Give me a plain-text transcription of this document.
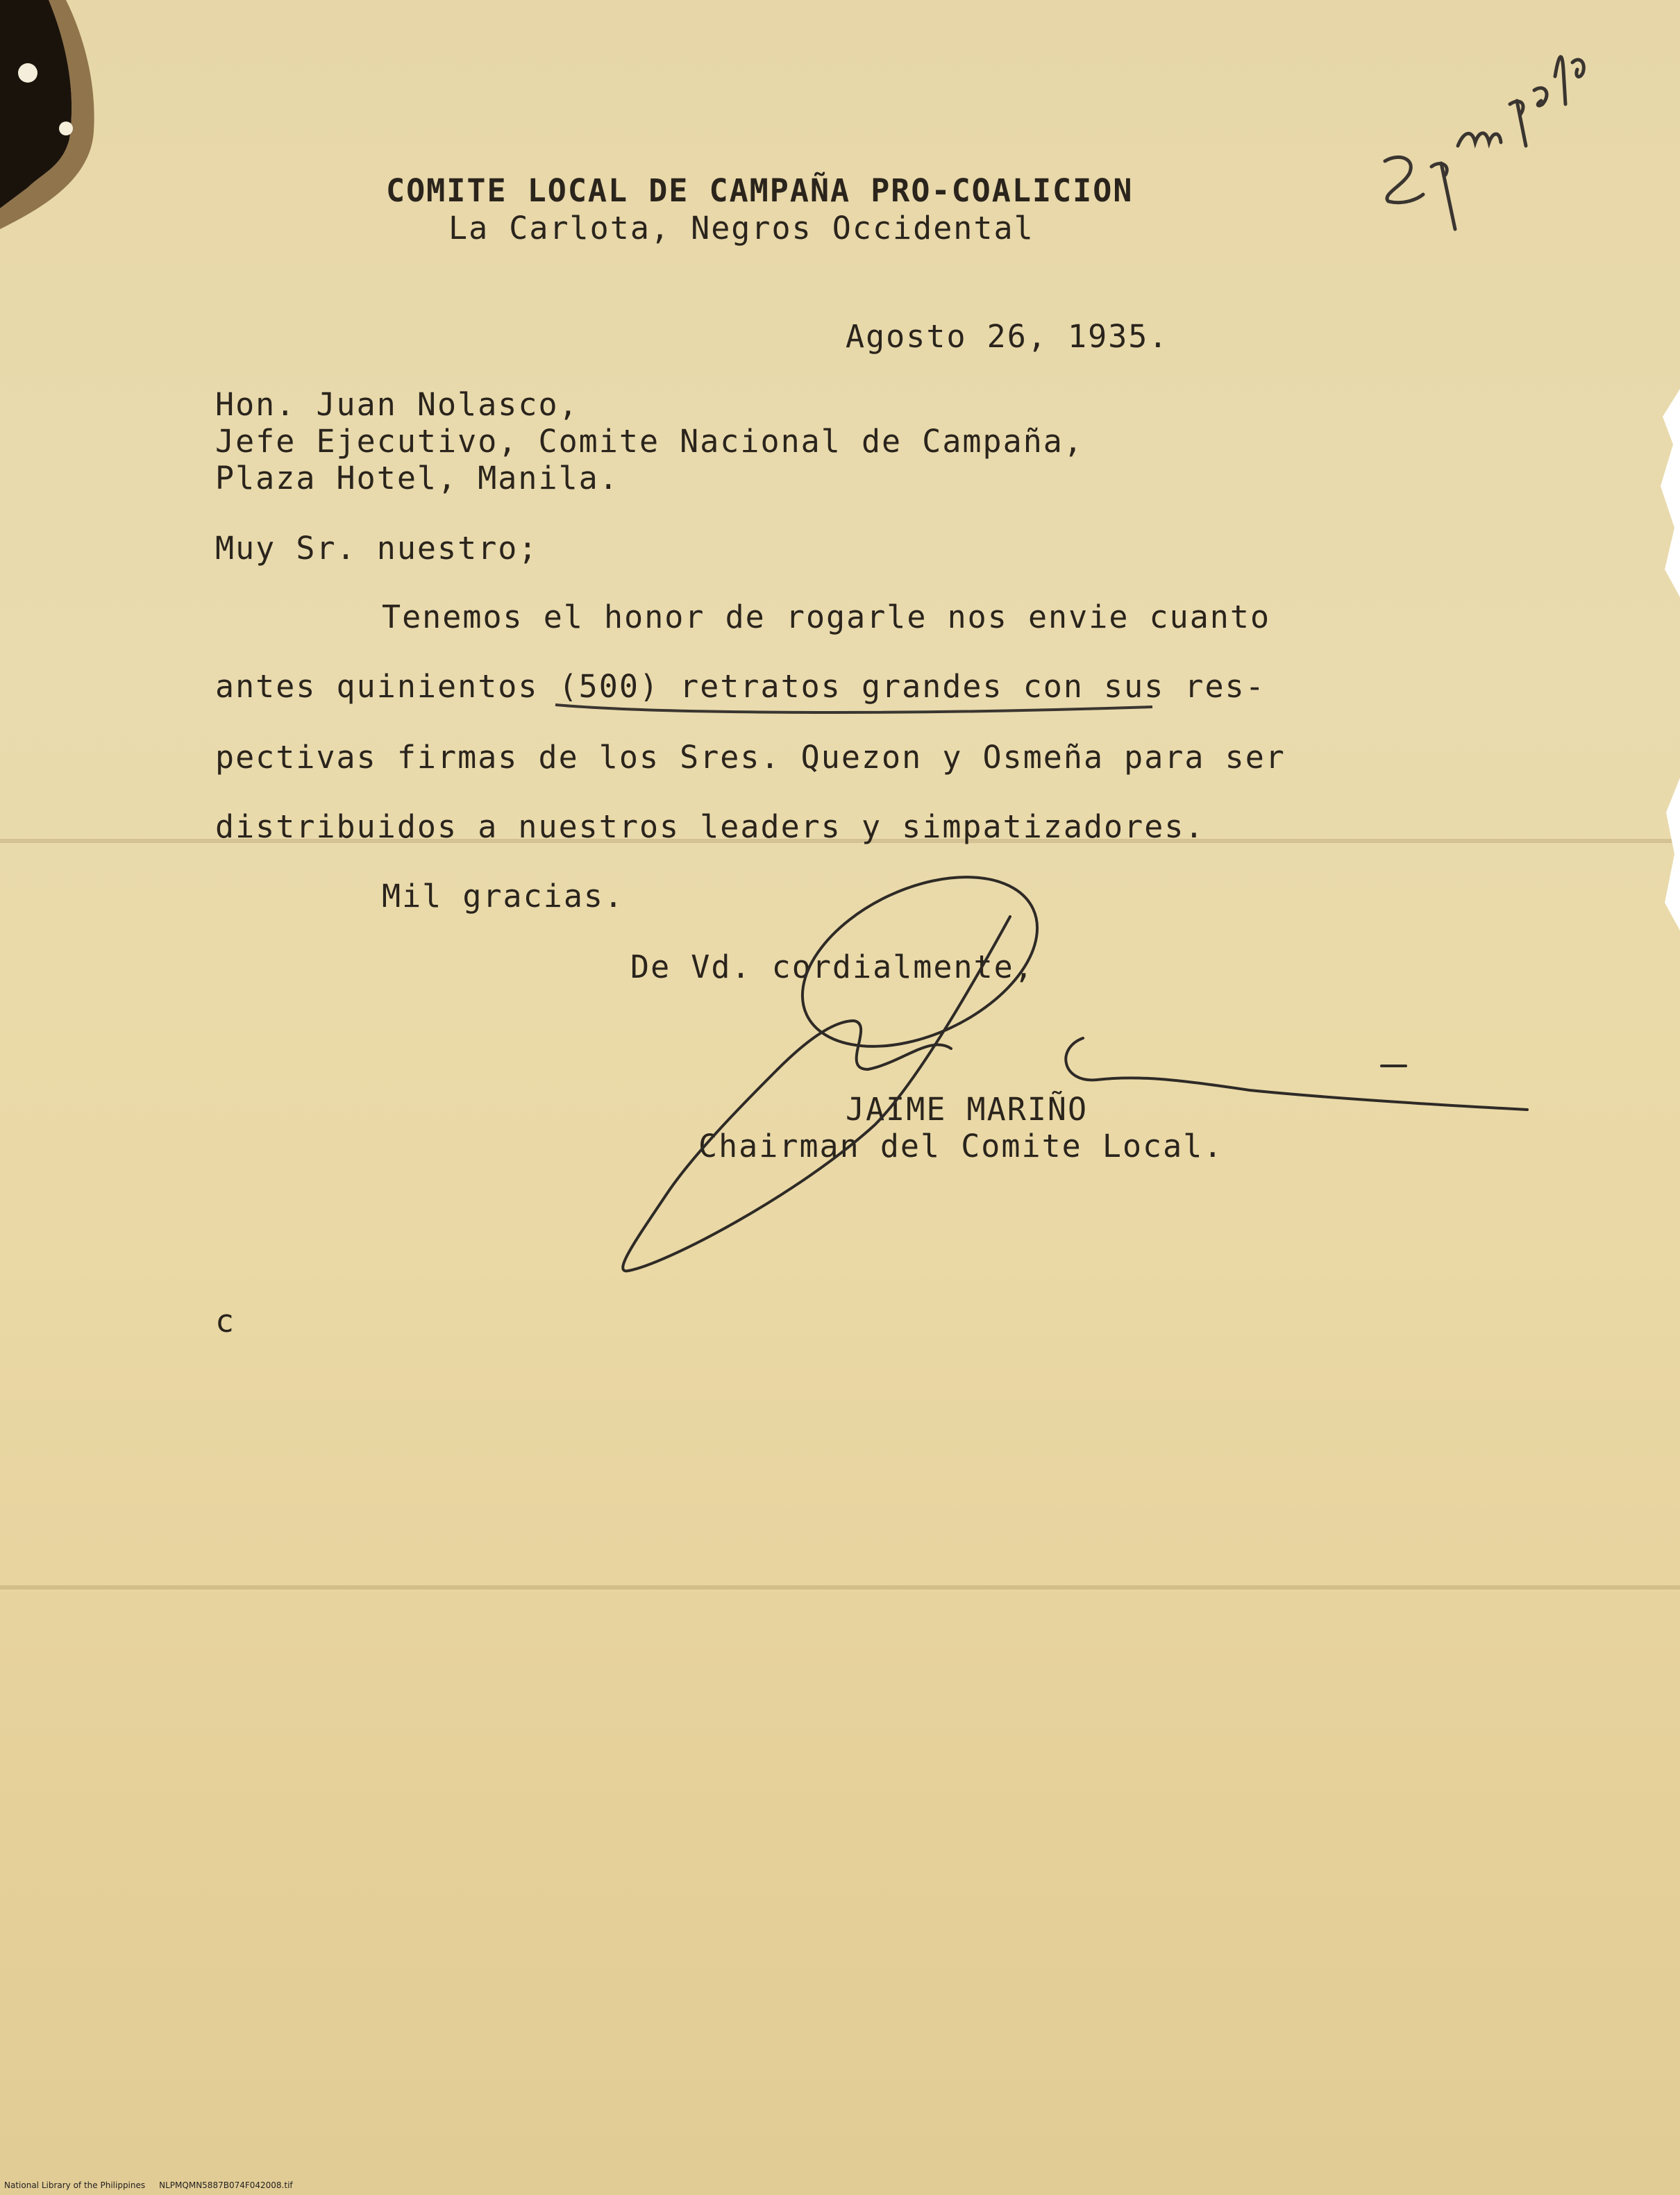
COMITE LOCAL DE CAMPAÑA PRO-COALICION
La Carlota, Negros Occidental
Agosto 26, 1935.
Hon. Juan Nolasco,
Jefe Ejecutivo, Comite Nacional de Campaña,
Plaza Hotel, Manila.
Muy Sr. nuestro;
Tenemos el honor de rogarle nos envie cuanto
antes quinientos (500) retratos grandes con sus res-
pectivas firmas de los Sres. Quezon y Osmeña para ser
distribuidos a nuestros leaders y simpatizadores.
Mil gracias.
De Vd. cordialmente,
JAIME MARIÑO
Chairman del Comite Local.
c
National Library of the Philippines NLPMQMN5887B074F042008.tif
